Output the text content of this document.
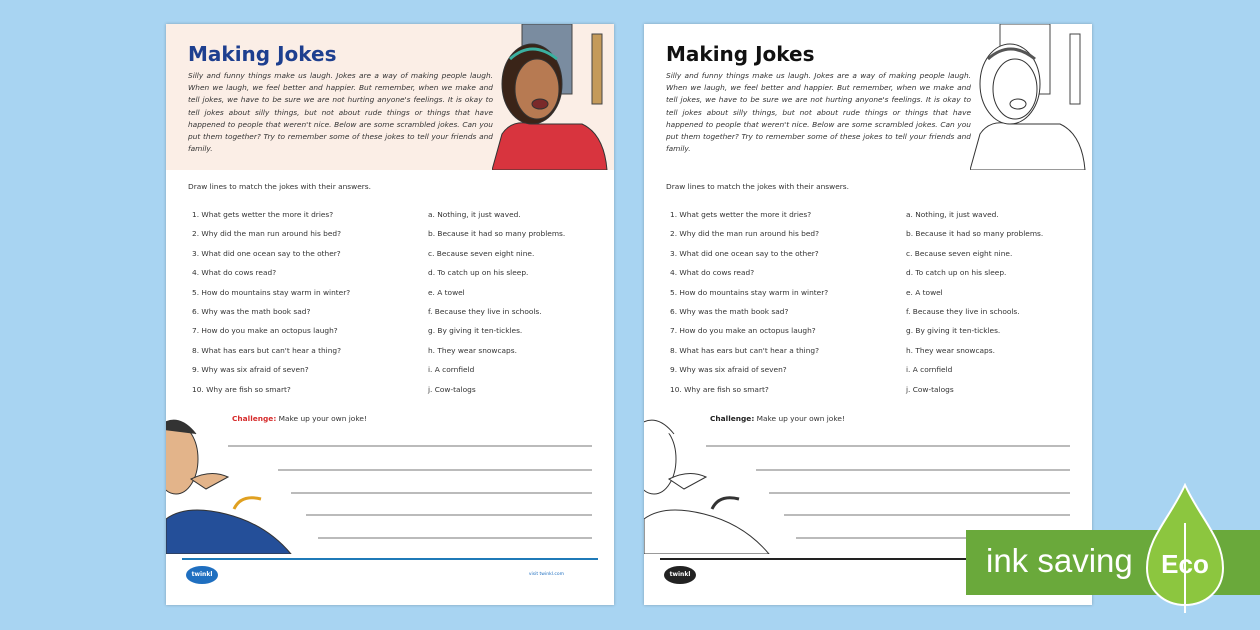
Making Jokes
Silly and funny things make us laugh. Jokes are a way of making people laugh. When we laugh, we feel better and happier. But remember, when we make and tell jokes, we have to be sure we are not hurting anyone's feelings. It is okay to tell jokes about silly things, but not about rude things or things that have happened to people that weren't nice. Below are some scrambled jokes. Can you put them together? Try to remember some of these jokes to tell your friends and family.
Draw lines to match the jokes with their answers.
1. What gets wetter the more it dries?	a. Nothing, it just waved.
2. Why did the man run around his bed?	b. Because it had so many problems.
3. What did one ocean say to the other?	c. Because seven eight nine.
4. What do cows read?	d. To catch up on his sleep.
5. How do mountains stay warm in winter?	e. A towel
6. Why was the math book sad?	f. Because they live in schools.
7. How do you make an octopus laugh?	g. By giving it ten-tickles.
8. What has ears but can't hear a thing?	h. They wear snowcaps.
9. Why was six afraid of seven?	i. A cornfield
10. Why are fish so smart?	j. Cow-talogs
Challenge: Make up your own joke!
twinkl	visit twinkl.com
Making Jokes
Silly and funny things make us laugh. Jokes are a way of making people laugh. When we laugh, we feel better and happier. But remember, when we make and tell jokes, we have to be sure we are not hurting anyone's feelings. It is okay to tell jokes about silly things, but not about rude things or things that have happened to people that weren't nice. Below are some scrambled jokes. Can you put them together? Try to remember some of these jokes to tell your friends and family.
Draw lines to match the jokes with their answers.
1. What gets wetter the more it dries?	a. Nothing, it just waved.
2. Why did the man run around his bed?	b. Because it had so many problems.
3. What did one ocean say to the other?	c. Because seven eight nine.
4. What do cows read?	d. To catch up on his sleep.
5. How do mountains stay warm in winter?	e. A towel
6. Why was the math book sad?	f. Because they live in schools.
7. How do you make an octopus laugh?	g. By giving it ten-tickles.
8. What has ears but can't hear a thing?	h. They wear snowcaps.
9. Why was six afraid of seven?	i. A cornfield
10. Why are fish so smart?	j. Cow-talogs
Challenge: Make up your own joke!
twinkl	ink saving Eco
